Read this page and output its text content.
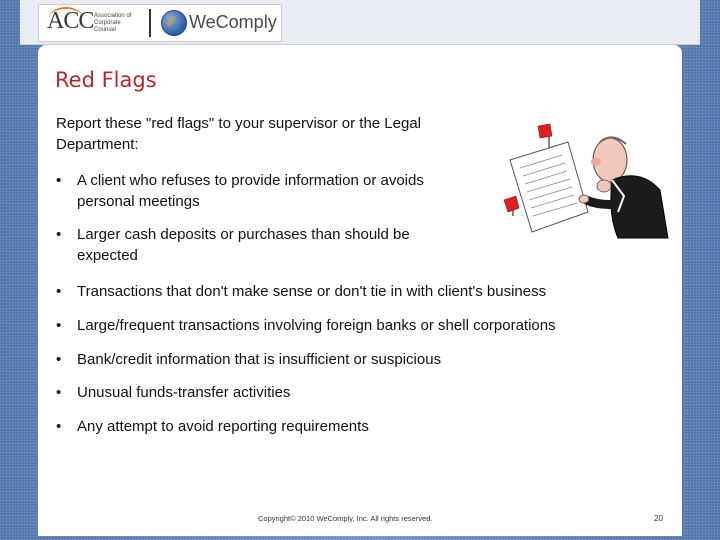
ACC Association of Corporate Counsel	✓ WeComply
Red Flags
Report these "red flags" to your supervisor or the Legal Department:
•	A client who refuses to provide information or avoids personal meetings
•	Larger cash deposits or purchases than should be expected
•	Transactions that don't make sense or don't tie in with client's business
•	Large/frequent transactions involving foreign banks or shell corporations
•	Bank/credit information that is insufficient or suspicious
•	Unusual funds-transfer activities
•	Any attempt to avoid reporting requirements
Copyright© 2010 WeComply, Inc. All rights reserved.	20
